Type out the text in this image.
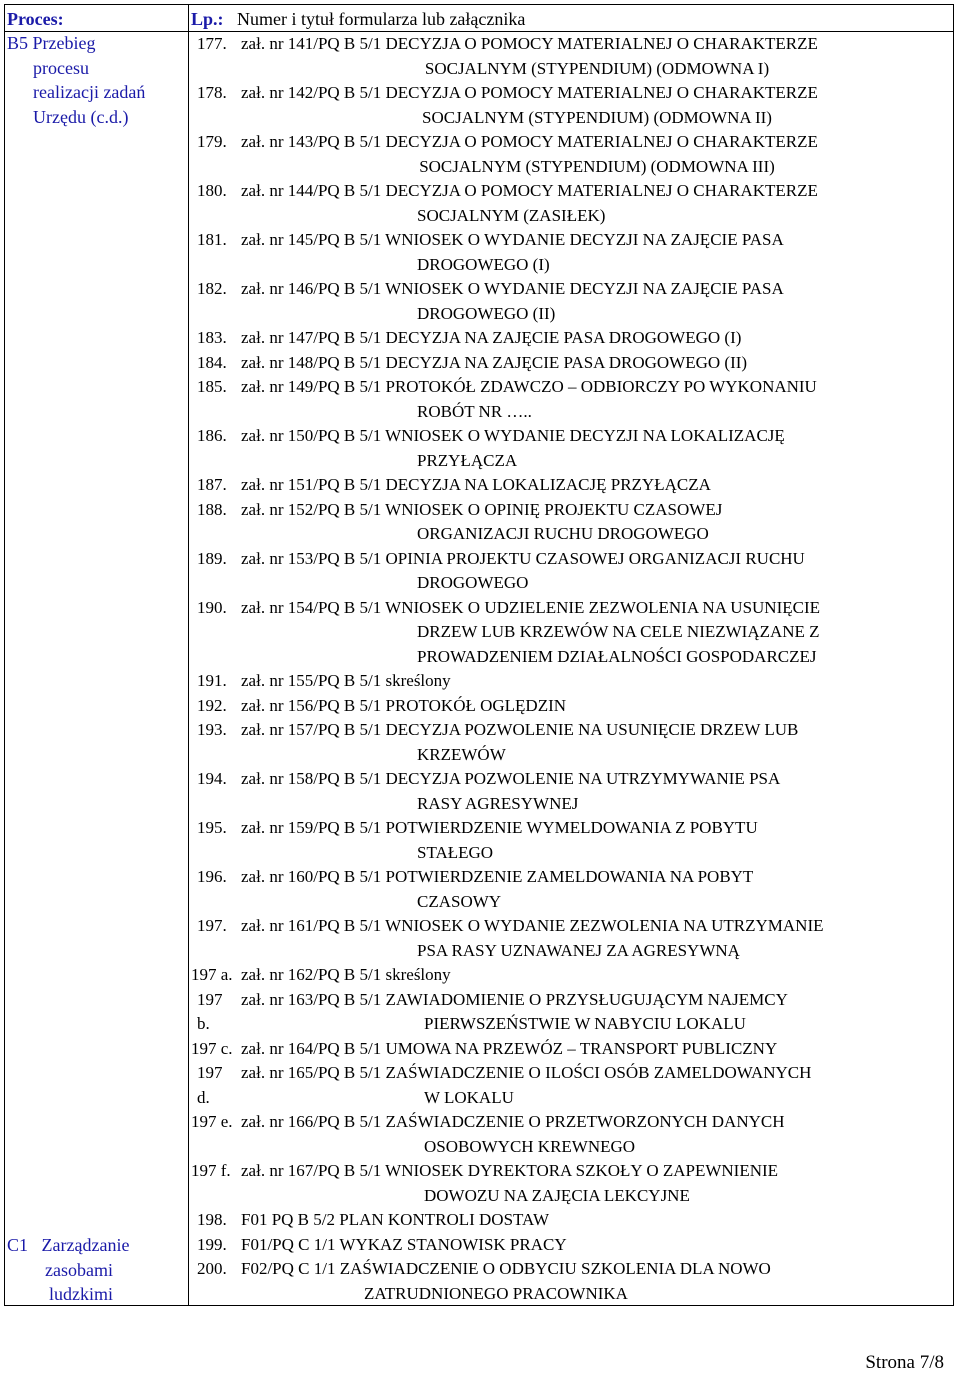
Proces:	Lp.: Numer i tytuł formularza lub załącznika
B5 Przebieg
procesu
realizacji zadań
Urzędu (c.d.)
C1   Zarządzanie
zasobami
ludzkimi
177. zał. nr 141/PQ B 5/1 DECYZJA O POMOCY MATERIALNEJ O CHARAKTERZE
SOCJALNYM (STYPENDIUM) (ODMOWNA I)
178. zał. nr 142/PQ B 5/1 DECYZJA O POMOCY MATERIALNEJ O CHARAKTERZE
SOCJALNYM (STYPENDIUM) (ODMOWNA II)
179. zał. nr 143/PQ B 5/1 DECYZJA O POMOCY MATERIALNEJ O CHARAKTERZE
SOCJALNYM (STYPENDIUM) (ODMOWNA III)
180. zał. nr 144/PQ B 5/1 DECYZJA O POMOCY MATERIALNEJ O CHARAKTERZE
SOCJALNYM (ZASIŁEK)
181. zał. nr 145/PQ B 5/1 WNIOSEK O WYDANIE DECYZJI NA ZAJĘCIE PASA
DROGOWEGO (I)
182. zał. nr 146/PQ B 5/1 WNIOSEK O WYDANIE DECYZJI NA ZAJĘCIE PASA
DROGOWEGO (II)
183. zał. nr 147/PQ B 5/1 DECYZJA NA ZAJĘCIE PASA DROGOWEGO (I)
184. zał. nr 148/PQ B 5/1 DECYZJA NA ZAJĘCIE PASA DROGOWEGO (II)
185. zał. nr 149/PQ B 5/1 PROTOKÓŁ ZDAWCZO – ODBIORCZY PO WYKONANIU
ROBÓT NR …..
186. zał. nr 150/PQ B 5/1 WNIOSEK O WYDANIE DECYZJI NA LOKALIZACJĘ
PRZYŁĄCZA
187. zał. nr 151/PQ B 5/1 DECYZJA NA LOKALIZACJĘ PRZYŁĄCZA
188. zał. nr 152/PQ B 5/1 WNIOSEK O OPINIĘ PROJEKTU CZASOWEJ
ORGANIZACJI RUCHU DROGOWEGO
189. zał. nr 153/PQ B 5/1 OPINIA PROJEKTU CZASOWEJ ORGANIZACJI RUCHU
DROGOWEGO
190. zał. nr 154/PQ B 5/1 WNIOSEK O UDZIELENIE ZEZWOLENIA NA USUNIĘCIE
DRZEW LUB KRZEWÓW NA CELE NIEZWIĄZANE Z
PROWADZENIEM DZIAŁALNOŚCI GOSPODARCZEJ
191. zał. nr 155/PQ B 5/1 skreślony
192. zał. nr 156/PQ B 5/1 PROTOKÓŁ OGLĘDZIN
193. zał. nr 157/PQ B 5/1 DECYZJA POZWOLENIE NA USUNIĘCIE DRZEW LUB
KRZEWÓW
194. zał. nr 158/PQ B 5/1 DECYZJA POZWOLENIE NA UTRZYMYWANIE PSA
RASY AGRESYWNEJ
195. zał. nr 159/PQ B 5/1 POTWIERDZENIE WYMELDOWANIA Z POBYTU
STAŁEGO
196. zał. nr 160/PQ B 5/1 POTWIERDZENIE ZAMELDOWANIA NA POBYT
CZASOWY
197. zał. nr 161/PQ B 5/1 WNIOSEK O WYDANIE ZEZWOLENIA NA UTRZYMANIE
PSA RASY UZNAWANEJ ZA AGRESYWNĄ
197 a. zał. nr 162/PQ B 5/1 skreślony
197
b.
zał. nr 163/PQ B 5/1 ZAWIADOMIENIE O PRZYSŁUGUJĄCYM NAJEMCY
PIERWSZEŃSTWIE W NABYCIU LOKALU
197 c. zał. nr 164/PQ B 5/1 UMOWA NA PRZEWÓZ – TRANSPORT PUBLICZNY
197
d.
zał. nr 165/PQ B 5/1 ZAŚWIADCZENIE O ILOŚCI OSÓB ZAMELDOWANYCH
W LOKALU
197 e. zał. nr 166/PQ B 5/1 ZAŚWIADCZENIE O PRZETWORZONYCH DANYCH
OSOBOWYCH KREWNEGO
197 f. zał. nr 167/PQ B 5/1 WNIOSEK DYREKTORA SZKOŁY O ZAPEWNIENIE
DOWOZU NA ZAJĘCIA LEKCYJNE
198. F01 PQ B 5/2 PLAN KONTROLI DOSTAW
199. F01/PQ C 1/1 WYKAZ STANOWISK PRACY
200. F02/PQ C 1/1 ZAŚWIADCZENIE O ODBYCIU SZKOLENIA DLA NOWO
ZATRUDNIONEGO PRACOWNIKA
Strona 7/8
